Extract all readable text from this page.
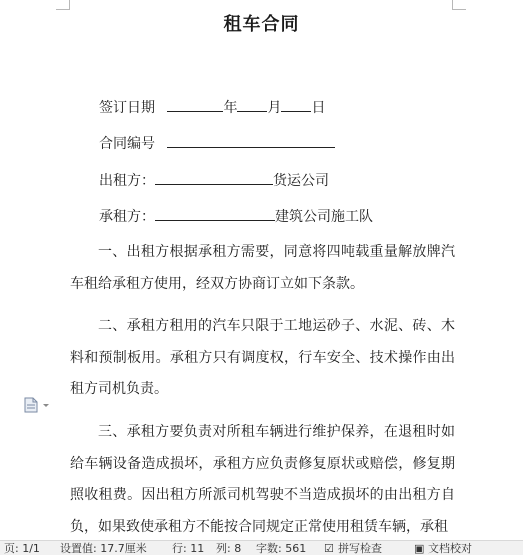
租车合同
签订日期	年 月 日
合同编号
出租方：	货运公司
承租方：	建筑公司施工队

一、出租方根据承租方需要，同意将四吨载重量解放牌汽车租给承租方使用，经双方协商订立如下条款。

二、承租方租用的汽车只限于工地运砂子、水泥、砖、木料和预制板用。承租方只有调度权，行车安全、技术操作由出租方司机负责。

三、承租方要负责对所租车辆进行维护保养，在退租时如给车辆设备造成损坏，承租方应负责修复原状或赔偿，修复期照收租费。因出租方所派司机驾驶不当造成损坏的由出租方自负，如果致使承租方不能按合同规定正常使用租赁车辆，承租

页: 1/1 设置值: 17.7厘米 行: 11 列: 8 字数: 561 ☑ 拼写检查	▣ 文档校对
